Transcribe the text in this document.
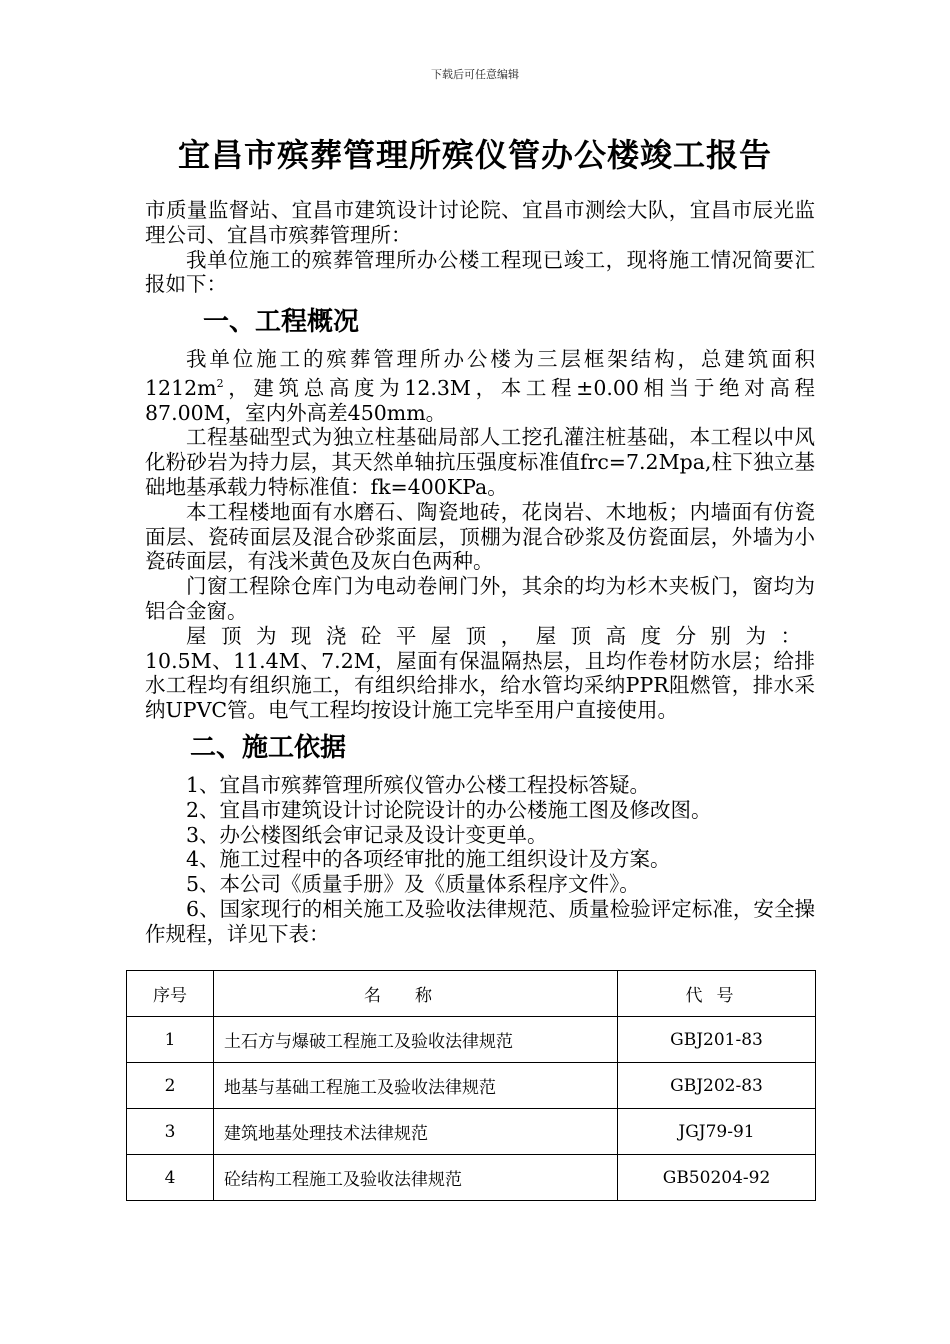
下载后可任意编辑
宜昌市殡葬管理所殡仪管办公楼竣工报告

市质量监督站、宜昌市建筑设计讨论院、宜昌市测绘大队，宜昌市辰光监理公司、宜昌市殡葬管理所：

我单位施工的殡葬管理所办公楼工程现已竣工，现将施工情况简要汇报如下：

一、工程概况

我单位施工的殡葬管理所办公楼为三层框架结构，总建筑面积$1212m^2$，建筑总高度为12.3M，本工程±0.00相当于绝对高程87.00M，室内外高差450mm。

工程基础型式为独立柱基础局部人工挖孔灌注桩基础，本工程以中风化粉砂岩为持力层，其天然单轴抗压强度标准值frc=7.2Mpa,柱下独立基础地基承载力特标准值：fk=400KPa。

本工程楼地面有水磨石、陶瓷地砖，花岗岩、木地板；内墙面有仿瓷面层、瓷砖面层及混合砂浆面层，顶棚为混合砂浆及仿瓷面层，外墙为小瓷砖面层，有浅米黄色及灰白色两种。

门窗工程除仓库门为电动卷闸门外，其余的均为杉木夹板门，窗均为铝合金窗。

屋顶为现浇砼平屋顶，屋顶高度分别为：10.5M、11.4M、7.2M，屋面有保温隔热层，且均作卷材防水层；给排水工程均有组织施工，有组织给排水，给水管均采纳PPR阻燃管，排水采纳UPVC管。电气工程均按设计施工完毕至用户直接使用。

二、施工依据

1、宜昌市殡葬管理所殡仪管办公楼工程投标答疑。

2、宜昌市建筑设计讨论院设计的办公楼施工图及修改图。

3、办公楼图纸会审记录及设计变更单。

4、施工过程中的各项经审批的施工组织设计及方案。

5、本公司《质量手册》及《质量体系程序文件》。

6、国家现行的相关施工及验收法律规范、质量检验评定标准，安全操作规程，详见下表：

序号	名称	代号
1	土石方与爆破工程施工及验收法律规范	GBJ201-83
2	地基与基础工程施工及验收法律规范	GBJ202-83
3	建筑地基处理技术法律规范	JGJ79-91
4	砼结构工程施工及验收法律规范	GB50204-92
